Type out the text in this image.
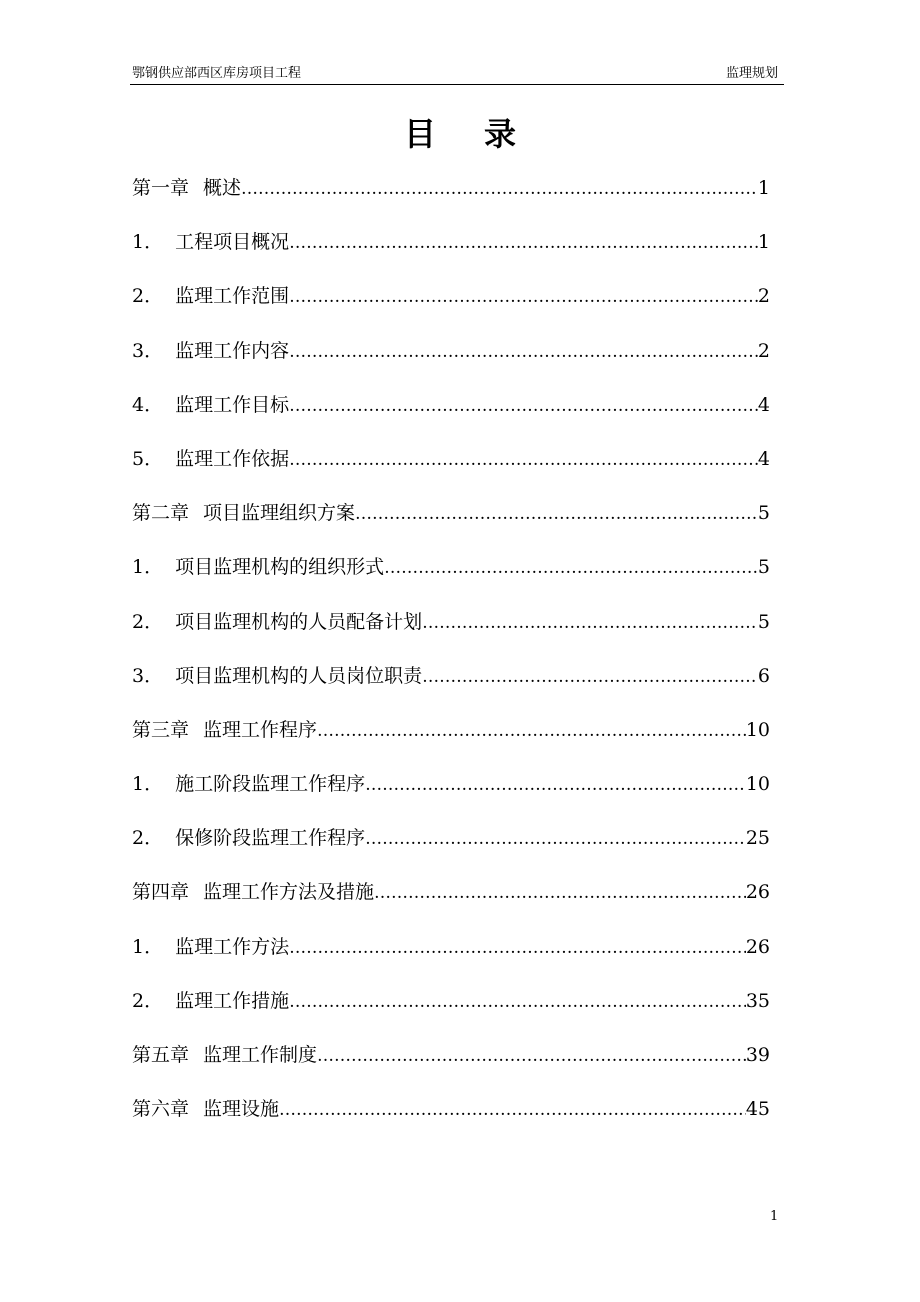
鄂钢供应部西区库房项目工程	监理规划
目录
第一章 概述 …………………………………………………………………………………………………………………………………………………………	1
1． 工程项目概况 …………………………………………………………………………………………………………………………………………………………	1
2． 监理工作范围 …………………………………………………………………………………………………………………………………………………………	2
3． 监理工作内容 …………………………………………………………………………………………………………………………………………………………	2
4． 监理工作目标 …………………………………………………………………………………………………………………………………………………………	4
5． 监理工作依据 …………………………………………………………………………………………………………………………………………………………	4
第二章 项目监理组织方案 …………………………………………………………………………………………………………………………………………………………	5
1． 项目监理机构的组织形式 …………………………………………………………………………………………………………………………………………………………	5
2． 项目监理机构的人员配备计划 …………………………………………………………………………………………………………………………………………………………	5
3． 项目监理机构的人员岗位职责 …………………………………………………………………………………………………………………………………………………………	6
第三章 监理工作程序 …………………………………………………………………………………………………………………………………………………………	10
1． 施工阶段监理工作程序 …………………………………………………………………………………………………………………………………………………………	10
2． 保修阶段监理工作程序 …………………………………………………………………………………………………………………………………………………………	25
第四章 监理工作方法及措施 …………………………………………………………………………………………………………………………………………………………	26
1． 监理工作方法 …………………………………………………………………………………………………………………………………………………………	26
2． 监理工作措施 …………………………………………………………………………………………………………………………………………………………	35
第五章 监理工作制度 …………………………………………………………………………………………………………………………………………………………	39
第六章 监理设施 …………………………………………………………………………………………………………………………………………………………	45
1
